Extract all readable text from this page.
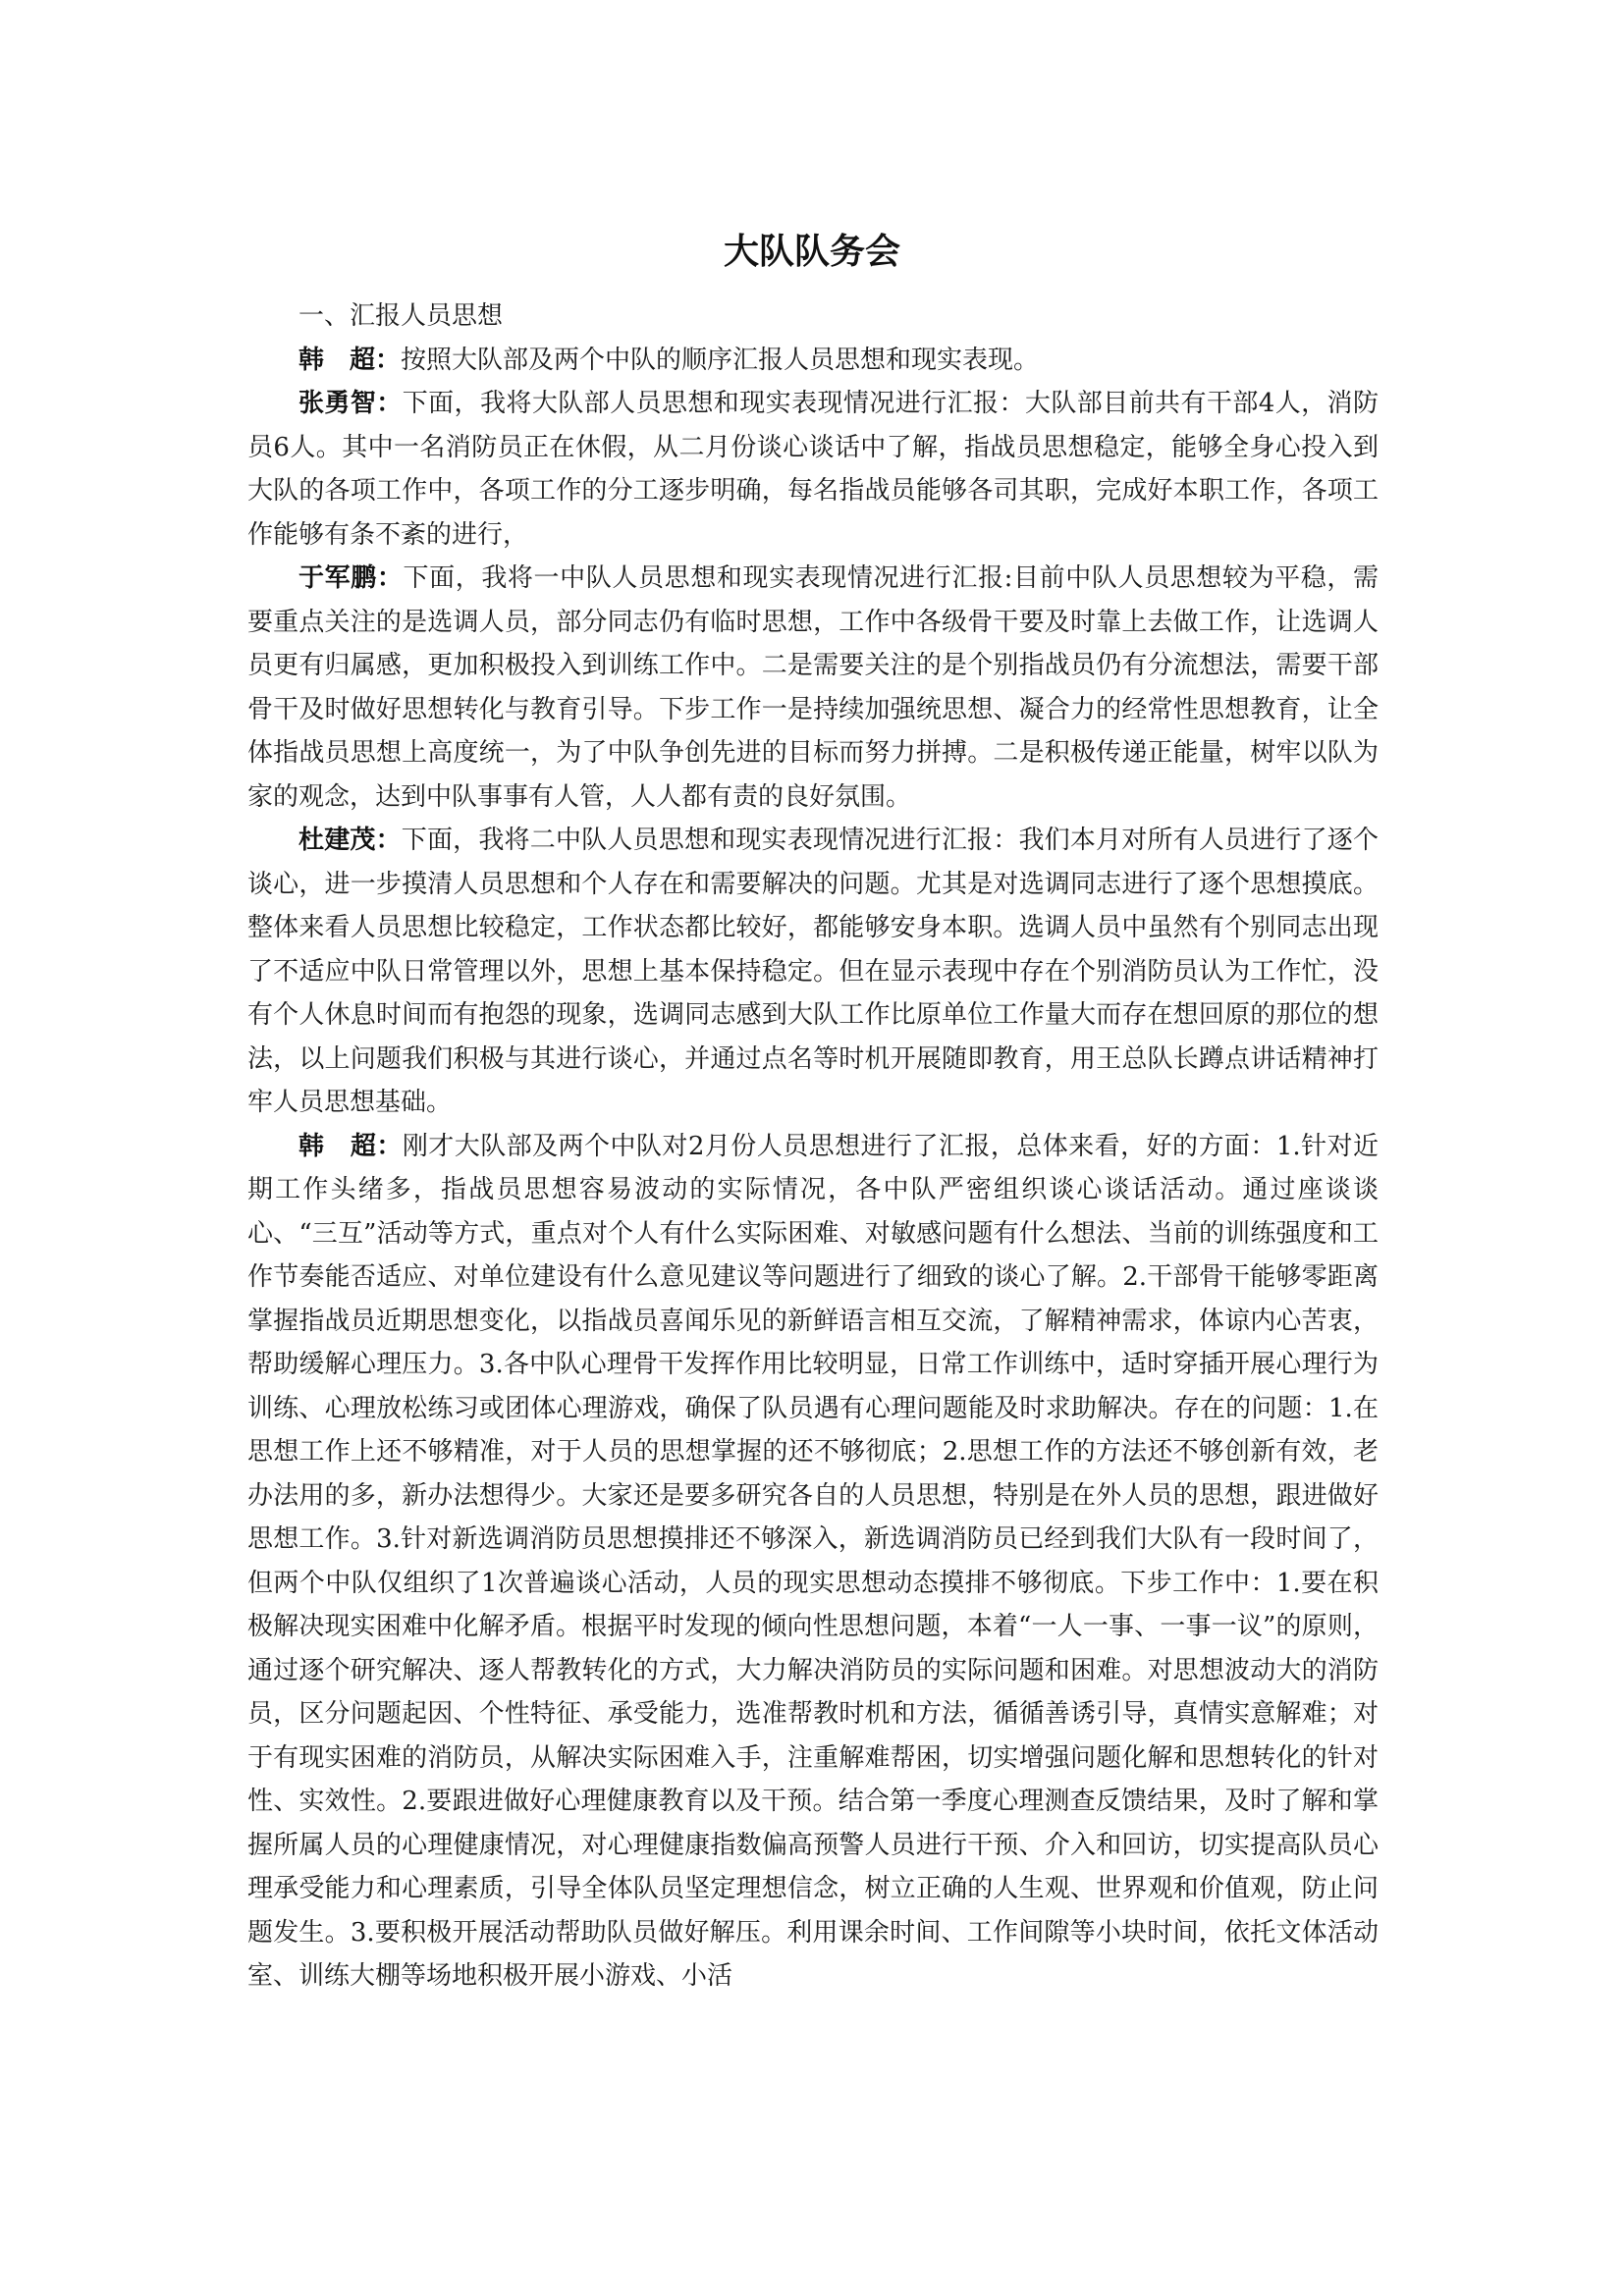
大队队务会

一、汇报人员思想

韩　超：按照大队部及两个中队的顺序汇报人员思想和现实表现。

张勇智：下面，我将大队部人员思想和现实表现情况进行汇报：大队部目前共有干部4人，消防员6人。其中一名消防员正在休假，从二月份谈心谈话中了解，指战员思想稳定，能够全身心投入到大队的各项工作中，各项工作的分工逐步明确，每名指战员能够各司其职，完成好本职工作，各项工作能够有条不紊的进行，

于军鹏：下面，我将一中队人员思想和现实表现情况进行汇报:目前中队人员思想较为平稳，需要重点关注的是选调人员，部分同志仍有临时思想，工作中各级骨干要及时靠上去做工作，让选调人员更有归属感，更加积极投入到训练工作中。二是需要关注的是个别指战员仍有分流想法，需要干部骨干及时做好思想转化与教育引导。下步工作一是持续加强统思想、凝合力的经常性思想教育，让全体指战员思想上高度统一，为了中队争创先进的目标而努力拼搏。二是积极传递正能量，树牢以队为家的观念，达到中队事事有人管，人人都有责的良好氛围。

杜建茂：下面，我将二中队人员思想和现实表现情况进行汇报：我们本月对所有人员进行了逐个谈心，进一步摸清人员思想和个人存在和需要解决的问题。尤其是对选调同志进行了逐个思想摸底。整体来看人员思想比较稳定，工作状态都比较好，都能够安身本职。选调人员中虽然有个别同志出现了不适应中队日常管理以外，思想上基本保持稳定。但在显示表现中存在个别消防员认为工作忙，没有个人休息时间而有抱怨的现象，选调同志感到大队工作比原单位工作量大而存在想回原的那位的想法，以上问题我们积极与其进行谈心，并通过点名等时机开展随即教育，用王总队长蹲点讲话精神打牢人员思想基础。

韩　超：刚才大队部及两个中队对2月份人员思想进行了汇报，总体来看，好的方面：1.针对近期工作头绪多，指战员思想容易波动的实际情况，各中队严密组织谈心谈话活动。通过座谈谈心、“三互”活动等方式，重点对个人有什么实际困难、对敏感问题有什么想法、当前的训练强度和工作节奏能否适应、对单位建设有什么意见建议等问题进行了细致的谈心了解。2.干部骨干能够零距离掌握指战员近期思想变化，以指战员喜闻乐见的新鲜语言相互交流，了解精神需求，体谅内心苦衷，帮助缓解心理压力。3.各中队心理骨干发挥作用比较明显，日常工作训练中，适时穿插开展心理行为训练、心理放松练习或团体心理游戏，确保了队员遇有心理问题能及时求助解决。存在的问题：1.在思想工作上还不够精准，对于人员的思想掌握的还不够彻底；2.思想工作的方法还不够创新有效，老办法用的多，新办法想得少。大家还是要多研究各自的人员思想，特别是在外人员的思想，跟进做好思想工作。3.针对新选调消防员思想摸排还不够深入，新选调消防员已经到我们大队有一段时间了，但两个中队仅组织了1次普遍谈心活动，人员的现实思想动态摸排不够彻底。下步工作中：1.要在积极解决现实困难中化解矛盾。根据平时发现的倾向性思想问题，本着“一人一事、一事一议”的原则，通过逐个研究解决、逐人帮教转化的方式，大力解决消防员的实际问题和困难。对思想波动大的消防员，区分问题起因、个性特征、承受能力，选准帮教时机和方法，循循善诱引导，真情实意解难；对于有现实困难的消防员，从解决实际困难入手，注重解难帮困，切实增强问题化解和思想转化的针对性、实效性。2.要跟进做好心理健康教育以及干预。结合第一季度心理测查反馈结果，及时了解和掌握所属人员的心理健康情况，对心理健康指数偏高预警人员进行干预、介入和回访，切实提高队员心理承受能力和心理素质，引导全体队员坚定理想信念，树立正确的人生观、世界观和价值观，防止问题发生。3.要积极开展活动帮助队员做好解压。利用课余时间、工作间隙等小块时间，依托文体活动室、训练大棚等场地积极开展小游戏、小活
